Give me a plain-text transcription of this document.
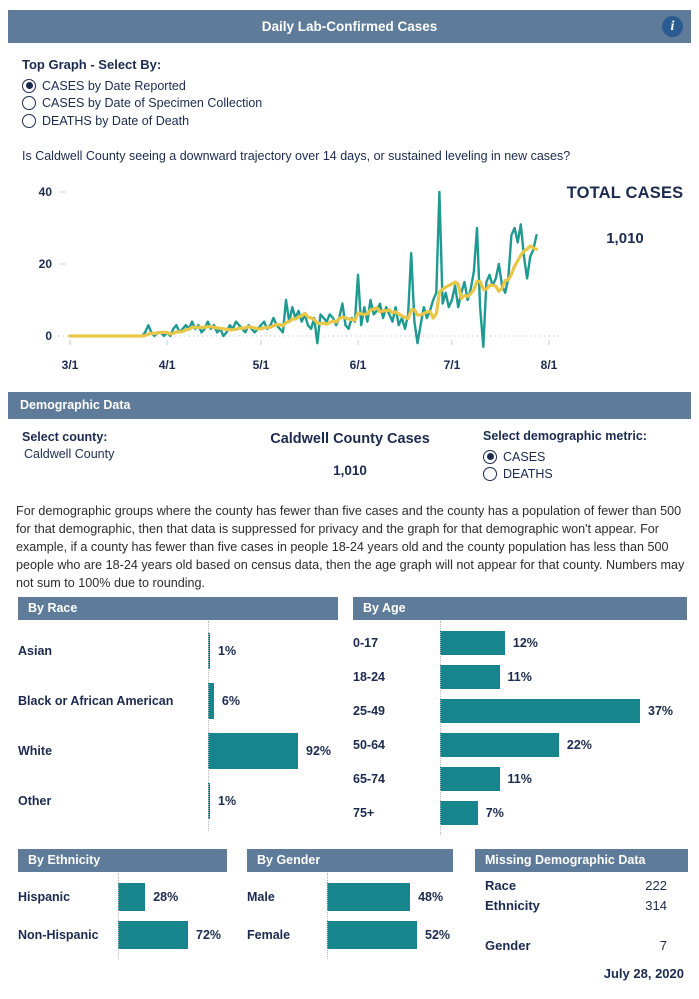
Daily Lab-Confirmed Cases	i
Top Graph - Select By:
CASES by Date Reported
CASES by Date of Specimen Collection
DEATHS by Date of Death
Is Caldwell County seeing a downward trajectory over 14 days, or sustained leveling in new cases?
0
20
40
3/1	4/1	5/1	6/1	7/1	8/1
TOTAL CASES
1,010
Demographic Data
Select county:
Caldwell County
Caldwell County Cases
1,010
Select demographic metric:
CASES
DEATHS
For demographic groups where the county has fewer than five cases and the county has a population of fewer than 500 for that demographic, then that data is suppressed for privacy and the graph for that demographic won't appear. For example, if a county has fewer than five cases in people 18-24 years old and the county population has less than 500 people who are 18-24 years old based on census data, then the age graph will not appear for that county. Numbers may not sum to 100% due to rounding.
By Race
Asian	1%
Black or African American	6%
White	92%
Other	1%
By Age
0-17	12%
18-24	11%
25-49	37%
50-64	22%
65-74	11%
75+	7%
By Ethnicity
Hispanic	28%
Non-Hispanic	72%
By Gender
Male	48%
Female	52%
Missing Demographic Data
Race	222
Ethnicity	314
Gender	7
July 28, 2020
